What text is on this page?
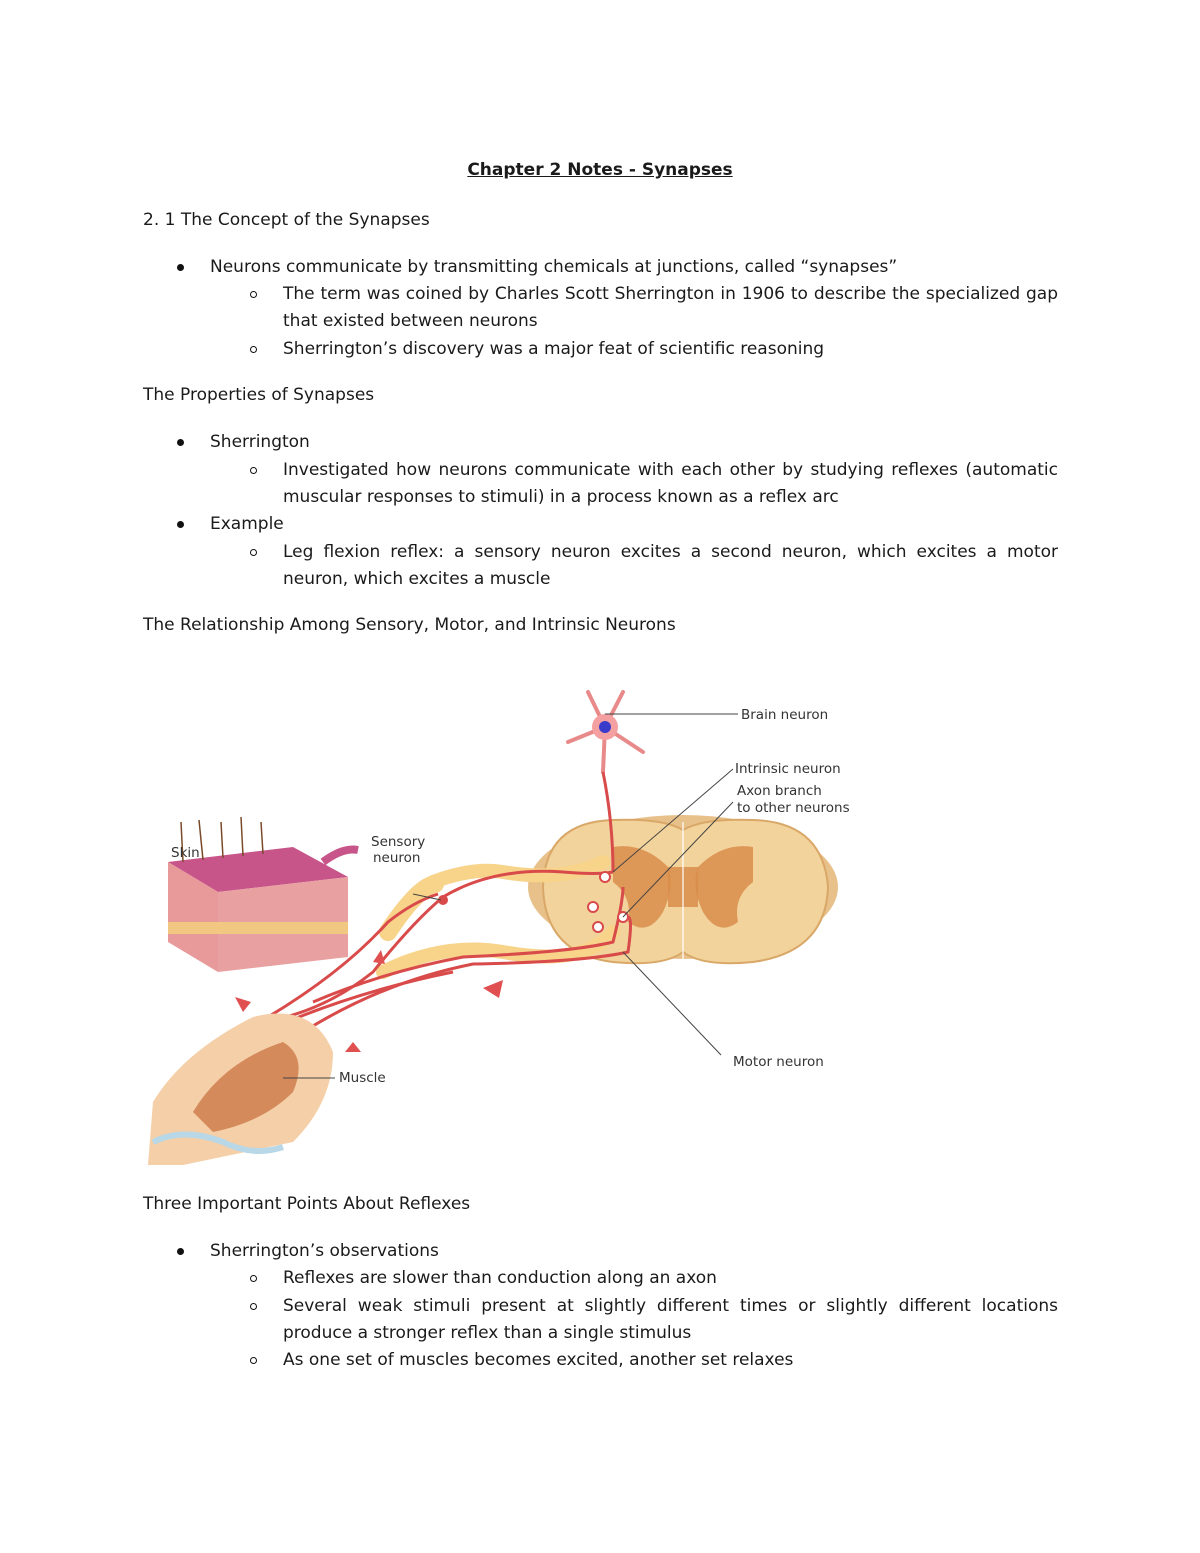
Chapter 2 Notes - Synapses
2. 1 The Concept of the Synapses
Neurons communicate by transmitting chemicals at junctions, called “synapses”
The term was coined by Charles Scott Sherrington in 1906 to describe the specialized gap that existed between neurons
Sherrington’s discovery was a major feat of scientific reasoning
The Properties of Synapses
Sherrington
Investigated how neurons communicate with each other by studying reflexes (automatic muscular responses to stimuli) in a process known as a reflex arc
Example
Leg flexion reflex: a sensory neuron excites a second neuron, which excites a motor neuron, which excites a muscle
The Relationship Among Sensory, Motor, and Intrinsic Neurons
Skin
Sensory
neuron
Brain neuron
Intrinsic neuron
Axon branch
to other neurons
Motor neuron
Muscle
Three Important Points About Reflexes
Sherrington’s observations
Reflexes are slower than conduction along an axon
Several weak stimuli present at slightly different times or slightly different locations produce a stronger reflex than a single stimulus
As one set of muscles becomes excited, another set relaxes
